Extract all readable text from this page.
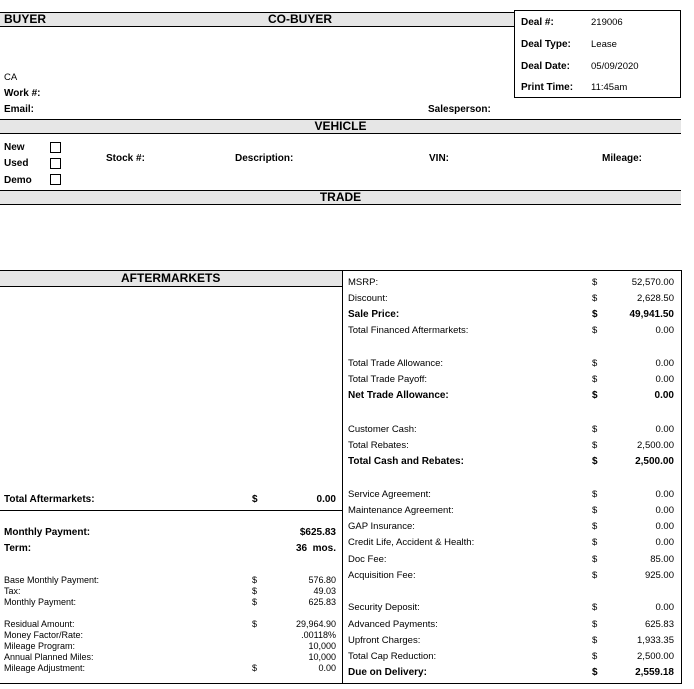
BUYER	CO-BUYER	Deal #:	219006
Deal Type: Lease
Deal Date: 05/09/2020
Print Time: 11:45am
CA
Work #:
Email:	Salesperson:
VEHICLE
New
Used
Demo
Stock #:	Description:	VIN:	Mileage:
TRADE
AFTERMARKETS
Total Aftermarkets:	$	0.00
Monthly Payment:	$625.83
Term:	36  mos.
Base Monthly Payment:	$	576.80
Tax:	$	49.03
Monthly Payment:	$	625.83
Residual Amount:	$	29,964.90
Money Factor/Rate:	.00118%
Mileage Program:	10,000
Annual Planned Miles:	10,000
Mileage Adjustment:	$	0.00
MSRP:	$	52,570.00
Discount:	$	2,628.50
Sale Price:	$	49,941.50
Total Financed Aftermarkets:	$	0.00
Total Trade Allowance:	$	0.00
Total Trade Payoff:	$	0.00
Net Trade Allowance:	$	0.00
Customer Cash:	$	0.00
Total Rebates:	$	2,500.00
Total Cash and Rebates:	$	2,500.00
Service Agreement:	$	0.00
Maintenance Agreement:	$	0.00
GAP Insurance:	$	0.00
Credit Life, Accident & Health:	$	0.00
Doc Fee:	$	85.00
Acquisition Fee:	$	925.00
Security Deposit:	$	0.00
Advanced Payments:	$	625.83
Upfront Charges:	$	1,933.35
Total Cap Reduction:	$	2,500.00
Due on Delivery:	$	2,559.18
